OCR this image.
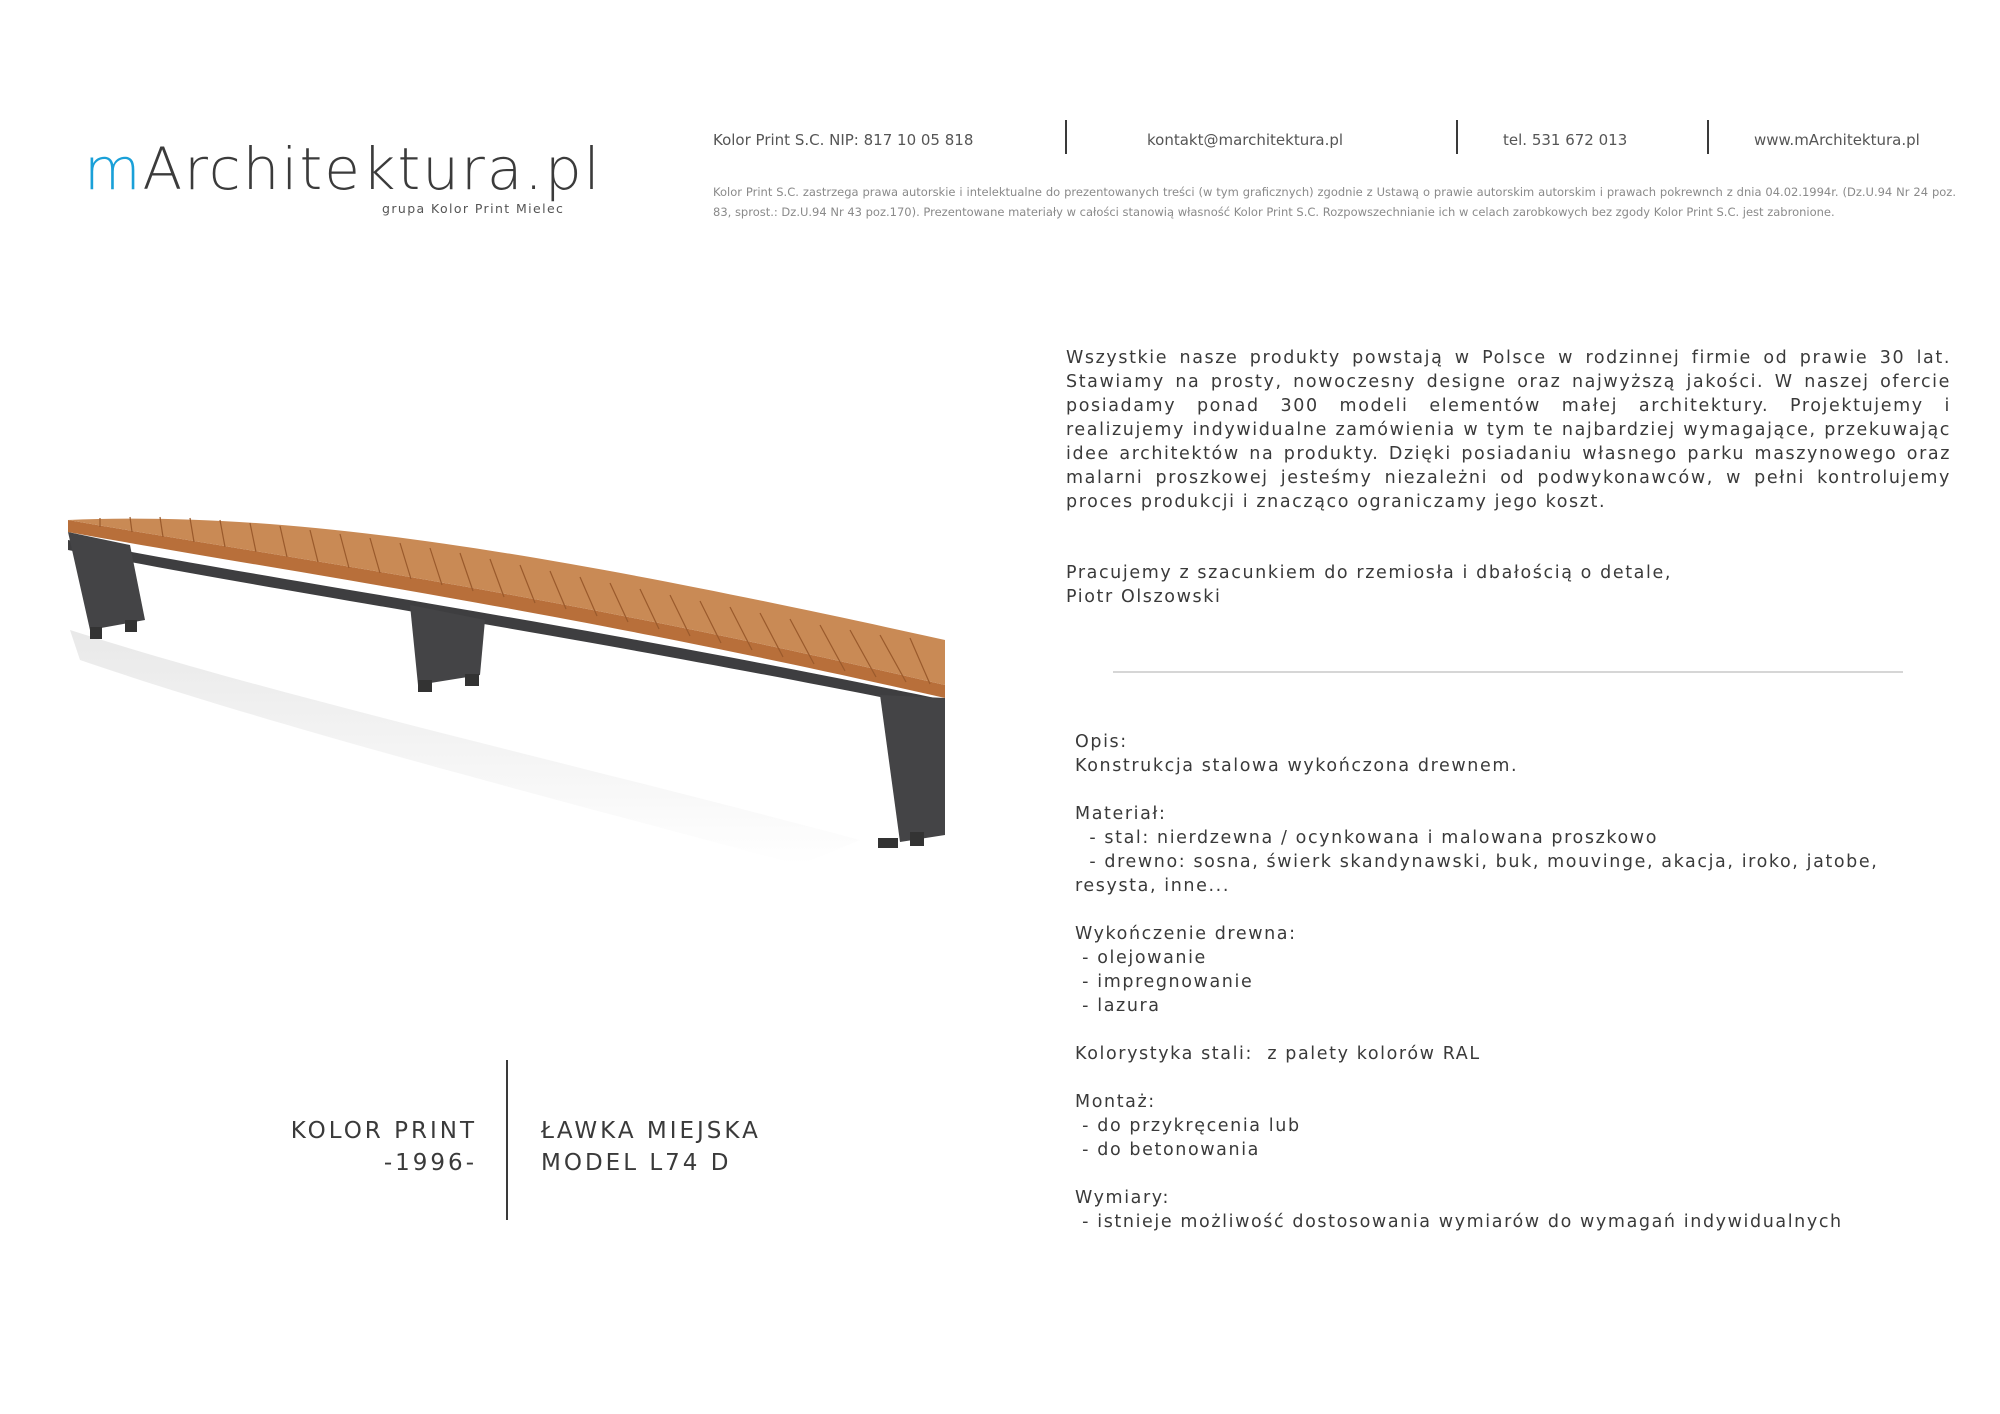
mArchitektura.pl
grupa Kolor Print Mielec
Kolor Print S.C. NIP: 817 10 05 818	kontakt@marchitektura.pl	tel. 531 672 013	www.mArchitektura.pl
Kolor Print S.C. zastrzega prawa autorskie i intelektualne do prezentowanych treści (w tym graficznych) zgodnie z Ustawą o prawie autorskim autorskim i prawach pokrewnch z dnia 04.02.1994r. (Dz.U.94 Nr 24 poz. 83, sprost.: Dz.U.94 Nr 43 poz.170). Prezentowane materiały w całości stanowią własność Kolor Print S.C. Rozpowszechnianie ich w celach zarobkowych bez zgody Kolor Print S.C. jest zabronione.

Wszystkie nasze produkty powstają w Polsce w rodzinnej firmie od prawie 30 lat. Stawiamy na prosty, nowoczesny designe oraz najwyższą jakości. W naszej ofercie posiadamy ponad 300 modeli elementów małej architektury. Projektujemy i realizujemy indywidualne zamówienia w tym te najbardziej wymagające, przekuwając idee architektów na produkty. Dzięki posiadaniu własnego parku maszynowego oraz malarni proszkowej jesteśmy niezależni od podwykonawców, w pełni kontrolujemy proces produkcji i znacząco ograniczamy jego koszt.

Pracujemy z szacunkiem do rzemiosła i dbałością o detale,
Piotr Olszowski
Opis:
Konstrukcja stalowa wykończona drewnem.
Materiał:
- stal: nierdzewna / ocynkowana i malowana proszkowo
- drewno: sosna, świerk skandynawski, buk, mouvinge, akacja, iroko, jatobe, resysta, inne...
Wykończenie drewna:
- olejowanie
- impregnowanie
- lazura
Kolorystyka stali:  z palety kolorów RAL
Montaż:
- do przykręcenia lub
- do betonowania
Wymiary:
- istnieje możliwość dostosowania wymiarów do wymagań indywidualnych
KOLOR PRINT
-1996-
ŁAWKA MIEJSKA
MODEL L74 D
